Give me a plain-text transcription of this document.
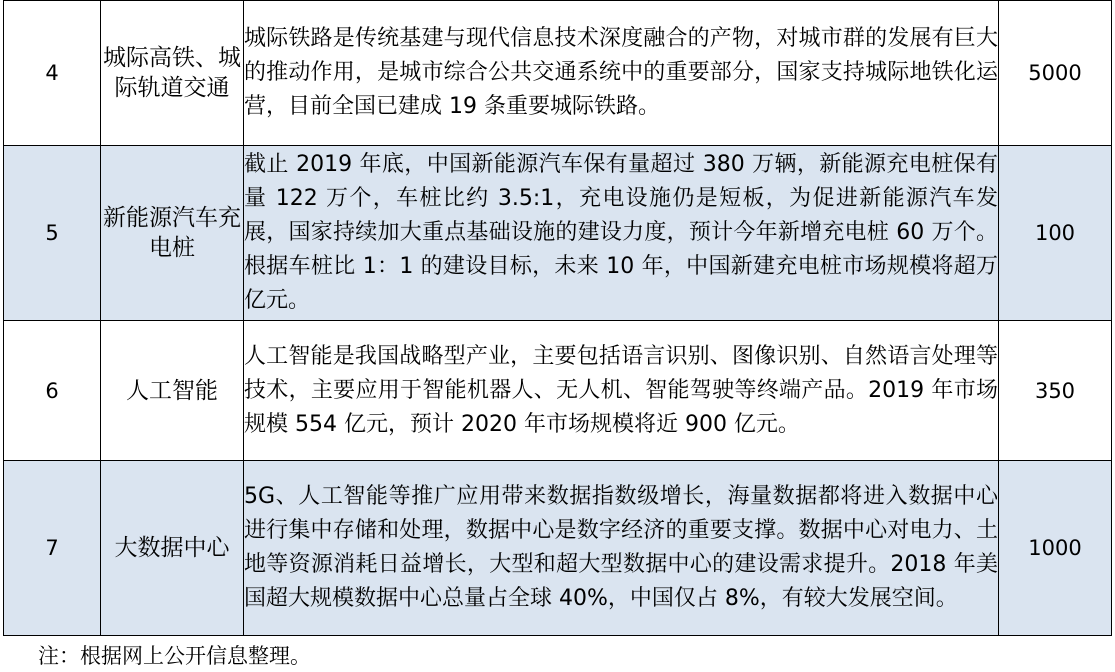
4	城际高铁、城际轨道交通	城际铁路是传统基建与现代信息技术深度融合的产物，对城市群的发展有巨大的推动作用，是城市综合公共交通系统中的重要部分，国家支持城际地铁化运营，目前全国已建成 19 条重要城际铁路。	5000
5	新能源汽车充电桩	截止 2019 年底，中国新能源汽车保有量超过 380 万辆，新能源充电桩保有量 122 万个，车桩比约 3.5:1，充电设施仍是短板，为促进新能源汽车发展，国家持续加大重点基础设施的建设力度，预计今年新增充电桩 60 万个。根据车桩比 1：1 的建设目标，未来 10 年，中国新建充电桩市场规模将超万亿元。	100
6	人工智能	人工智能是我国战略型产业，主要包括语言识别、图像识别、自然语言处理等技术，主要应用于智能机器人、无人机、智能驾驶等终端产品。2019 年市场规模 554 亿元，预计 2020 年市场规模将近 900 亿元。	350
7	大数据中心	5G、人工智能等推广应用带来数据指数级增长，海量数据都将进入数据中心进行集中存储和处理，数据中心是数字经济的重要支撑。数据中心对电力、土地等资源消耗日益增长，大型和超大型数据中心的建设需求提升。2018 年美国超大规模数据中心总量占全球 40%，中国仅占 8%，有较大发展空间。	1000
注：根据网上公开信息整理。
